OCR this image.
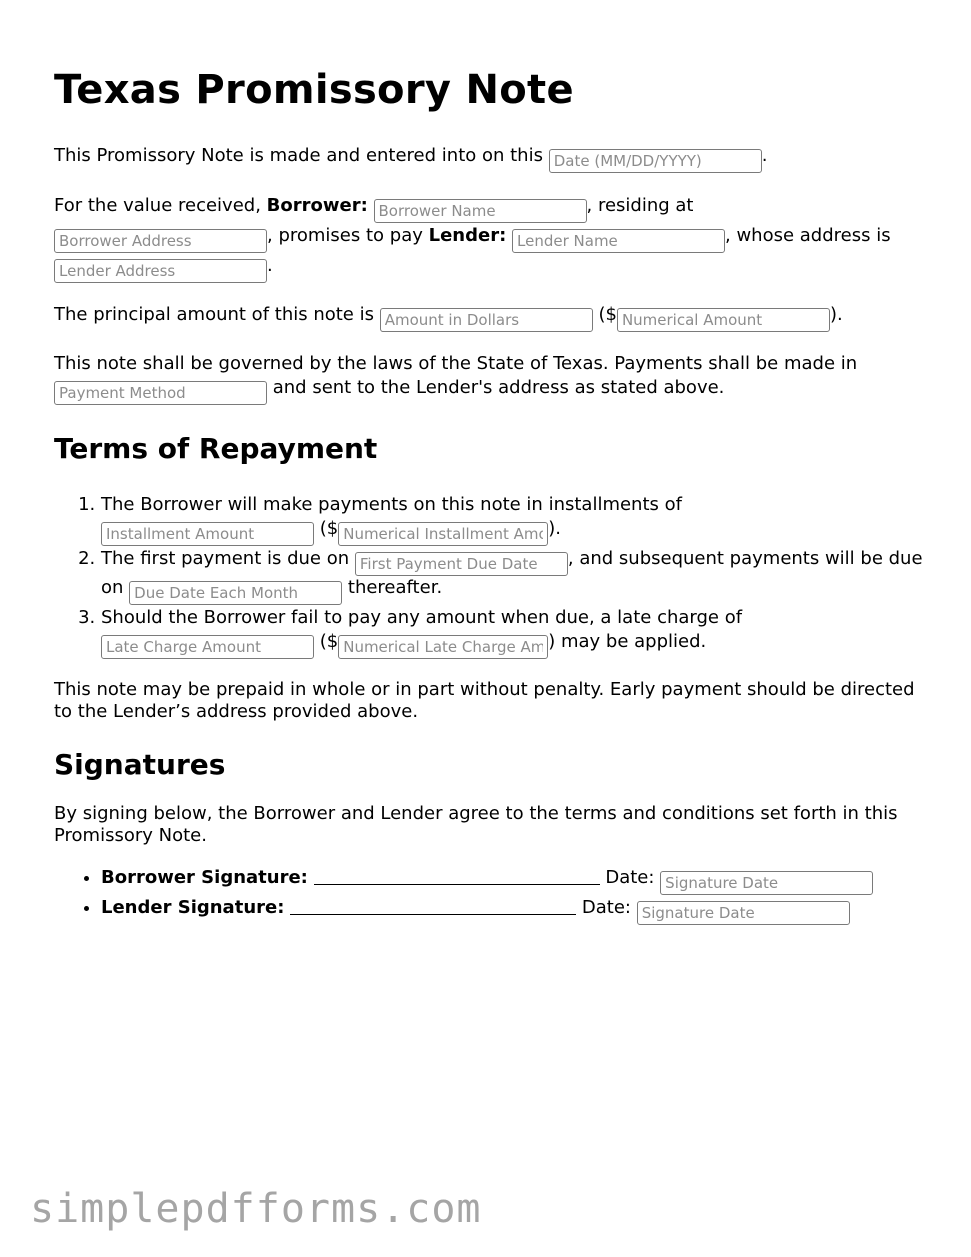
Texas Promissory Note

This Promissory Note is made and entered into on this Date (MM/DD/YYYY)	.

For the value received, Borrower: Borrower Name	, residing at
Borrower Address, promises to pay Lender: Lender Name	, whose address is
Lender Address.

The principal amount of this note is Amount in Dollars	($Numerical Amount	).

This note shall be governed by the laws of the State of Texas. Payments shall be made in
Payment Method and sent to the Lender's address as stated above.

Terms of Repayment
1. The Borrower will make payments on this note in installments of
Installment Amount ($Numerical Installment Amount	).
2. The first payment is due on First Payment Due Date	, and subsequent payments will be due on Due Date Each Month	thereafter.
3. Should the Borrower fail to pay any amount when due, a late charge of
Late Charge Amount ($Numerical Late Charge Amount	) may be applied.

This note may be prepaid in whole or in part without penalty. Early payment should be directed to the Lender’s address provided above.

Signatures

By signing below, the Borrower and Lender agree to the terms and conditions set forth in this Promissory Note.

• Borrower Signature:	Date: Signature Date
• Lender Signature:	Date: Signature Date
simplepdfforms.com
